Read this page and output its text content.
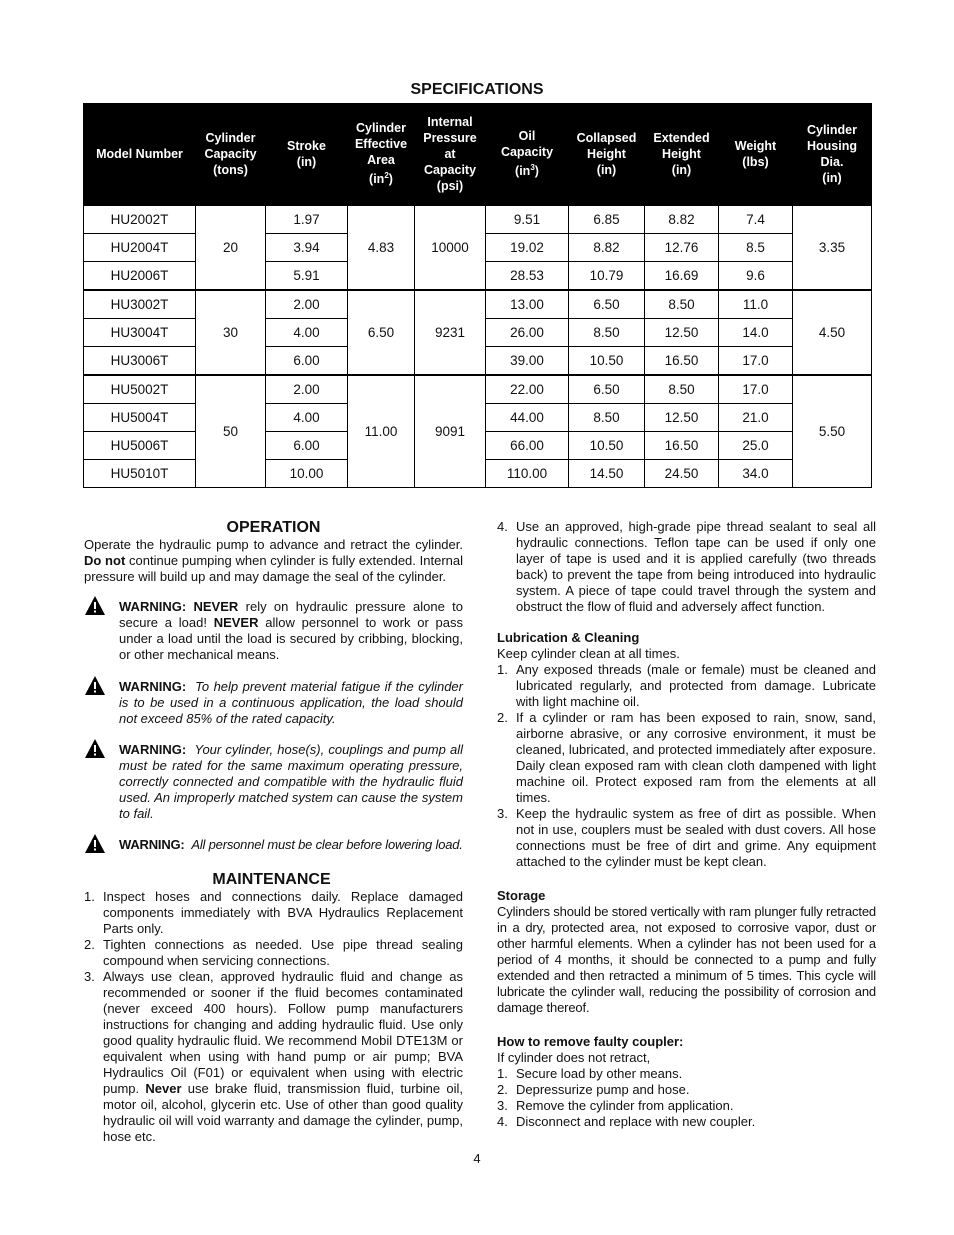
SPECIFICATIONS
Model Number	Cylinder
Capacity
(tons)	Stroke
(in)	Cylinder
Effective
Area
$(in^2)$	Internal
Pressure
at
Capacity
(psi)	Oil
Capacity
$(in^3)$	Collapsed
Height
(in)	Extended
Height
(in)	Weight
(lbs)	Cylinder
Housing
Dia.
(in)
HU2002T	20	1.97	4.83	10000	9.51	6.85	8.82	7.4	3.35
HU2004T		3.94			19.02	8.82	12.76	8.5	
HU2006T		5.91			28.53	10.79	16.69	9.6	
HU3002T	30	2.00	6.50	9231	13.00	6.50	8.50	11.0	4.50
HU3004T		4.00			26.00	8.50	12.50	14.0	
HU3006T		6.00			39.00	10.50	16.50	17.0	
HU5002T	50	2.00	11.00	9091	22.00	6.50	8.50	17.0	5.50
HU5004T		4.00			44.00	8.50	12.50	21.0	
HU5006T		6.00			66.00	10.50	16.50	25.0	
HU5010T		10.00			110.00	14.50	24.50	34.0	
OPERATION

Operate the hydraulic pump to advance and retract the cylinder. Do not continue pumping when cylinder is fully extended. Internal pressure will build up and may damage the seal of the cylinder.

WARNING: NEVER rely on hydraulic pressure alone to secure a load! NEVER allow personnel to work or pass under a load until the load is secured by cribbing, blocking, or other mechanical means.
WARNING: To help prevent material fatigue if the cylinder is to be used in a continuous application, the load should not exceed 85% of the rated capacity.
WARNING: Your cylinder, hose(s), couplings and pump all must be rated for the same maximum operating pressure, correctly connected and compatible with the hydraulic fluid used. An improperly matched system can cause the system to fail.
WARNING: All personnel must be clear before lowering load.
MAINTENANCE
1. Inspect hoses and connections daily. Replace damaged components immediately with BVA Hydraulics Replacement Parts only.
2. Tighten connections as needed. Use pipe thread sealing compound when servicing connections.
3. Always use clean, approved hydraulic fluid and change as recommended or sooner if the fluid becomes contaminated (never exceed 400 hours). Follow pump manufacturers instructions for changing and adding hydraulic fluid. Use only good quality hydraulic fluid. We recommend Mobil DTE13M or equivalent when using with hand pump or air pump; BVA Hydraulics Oil (F01) or equivalent when using with electric pump. Never use brake fluid, transmission fluid, turbine oil, motor oil, alcohol, glycerin etc. Use of other than good quality hydraulic oil will void warranty and damage the cylinder, pump, hose etc.
4. Use an approved, high-grade pipe thread sealant to seal all hydraulic connections. Teflon tape can be used if only one layer of tape is used and it is applied carefully (two threads back) to prevent the tape from being introduced into hydraulic system. A piece of tape could travel through the system and obstruct the flow of fluid and adversely affect function.
Lubrication & Cleaning

Keep cylinder clean at all times.

1. Any exposed threads (male or female) must be cleaned and lubricated regularly, and protected from damage. Lubricate with light machine oil.
2. If a cylinder or ram has been exposed to rain, snow, sand, airborne abrasive, or any corrosive environment, it must be cleaned, lubricated, and protected immediately after exposure. Daily clean exposed ram with clean cloth dampened with light machine oil. Protect exposed ram from the elements at all times.
3. Keep the hydraulic system as free of dirt as possible. When not in use, couplers must be sealed with dust covers. All hose connections must be free of dirt and grime. Any equipment attached to the cylinder must be kept clean.
Storage

Cylinders should be stored vertically with ram plunger fully retracted in a dry, protected area, not exposed to corrosive vapor, dust or other harmful elements. When a cylinder has not been used for a period of 4 months, it should be connected to a pump and fully extended and then retracted a minimum of 5 times. This cycle will lubricate the cylinder wall, reducing the possibility of corrosion and damage thereof.

How to remove faulty coupler:

If cylinder does not retract,

1. Secure load by other means.
2. Depressurize pump and hose.
3. Remove the cylinder from application.
4. Disconnect and replace with new coupler.
4
